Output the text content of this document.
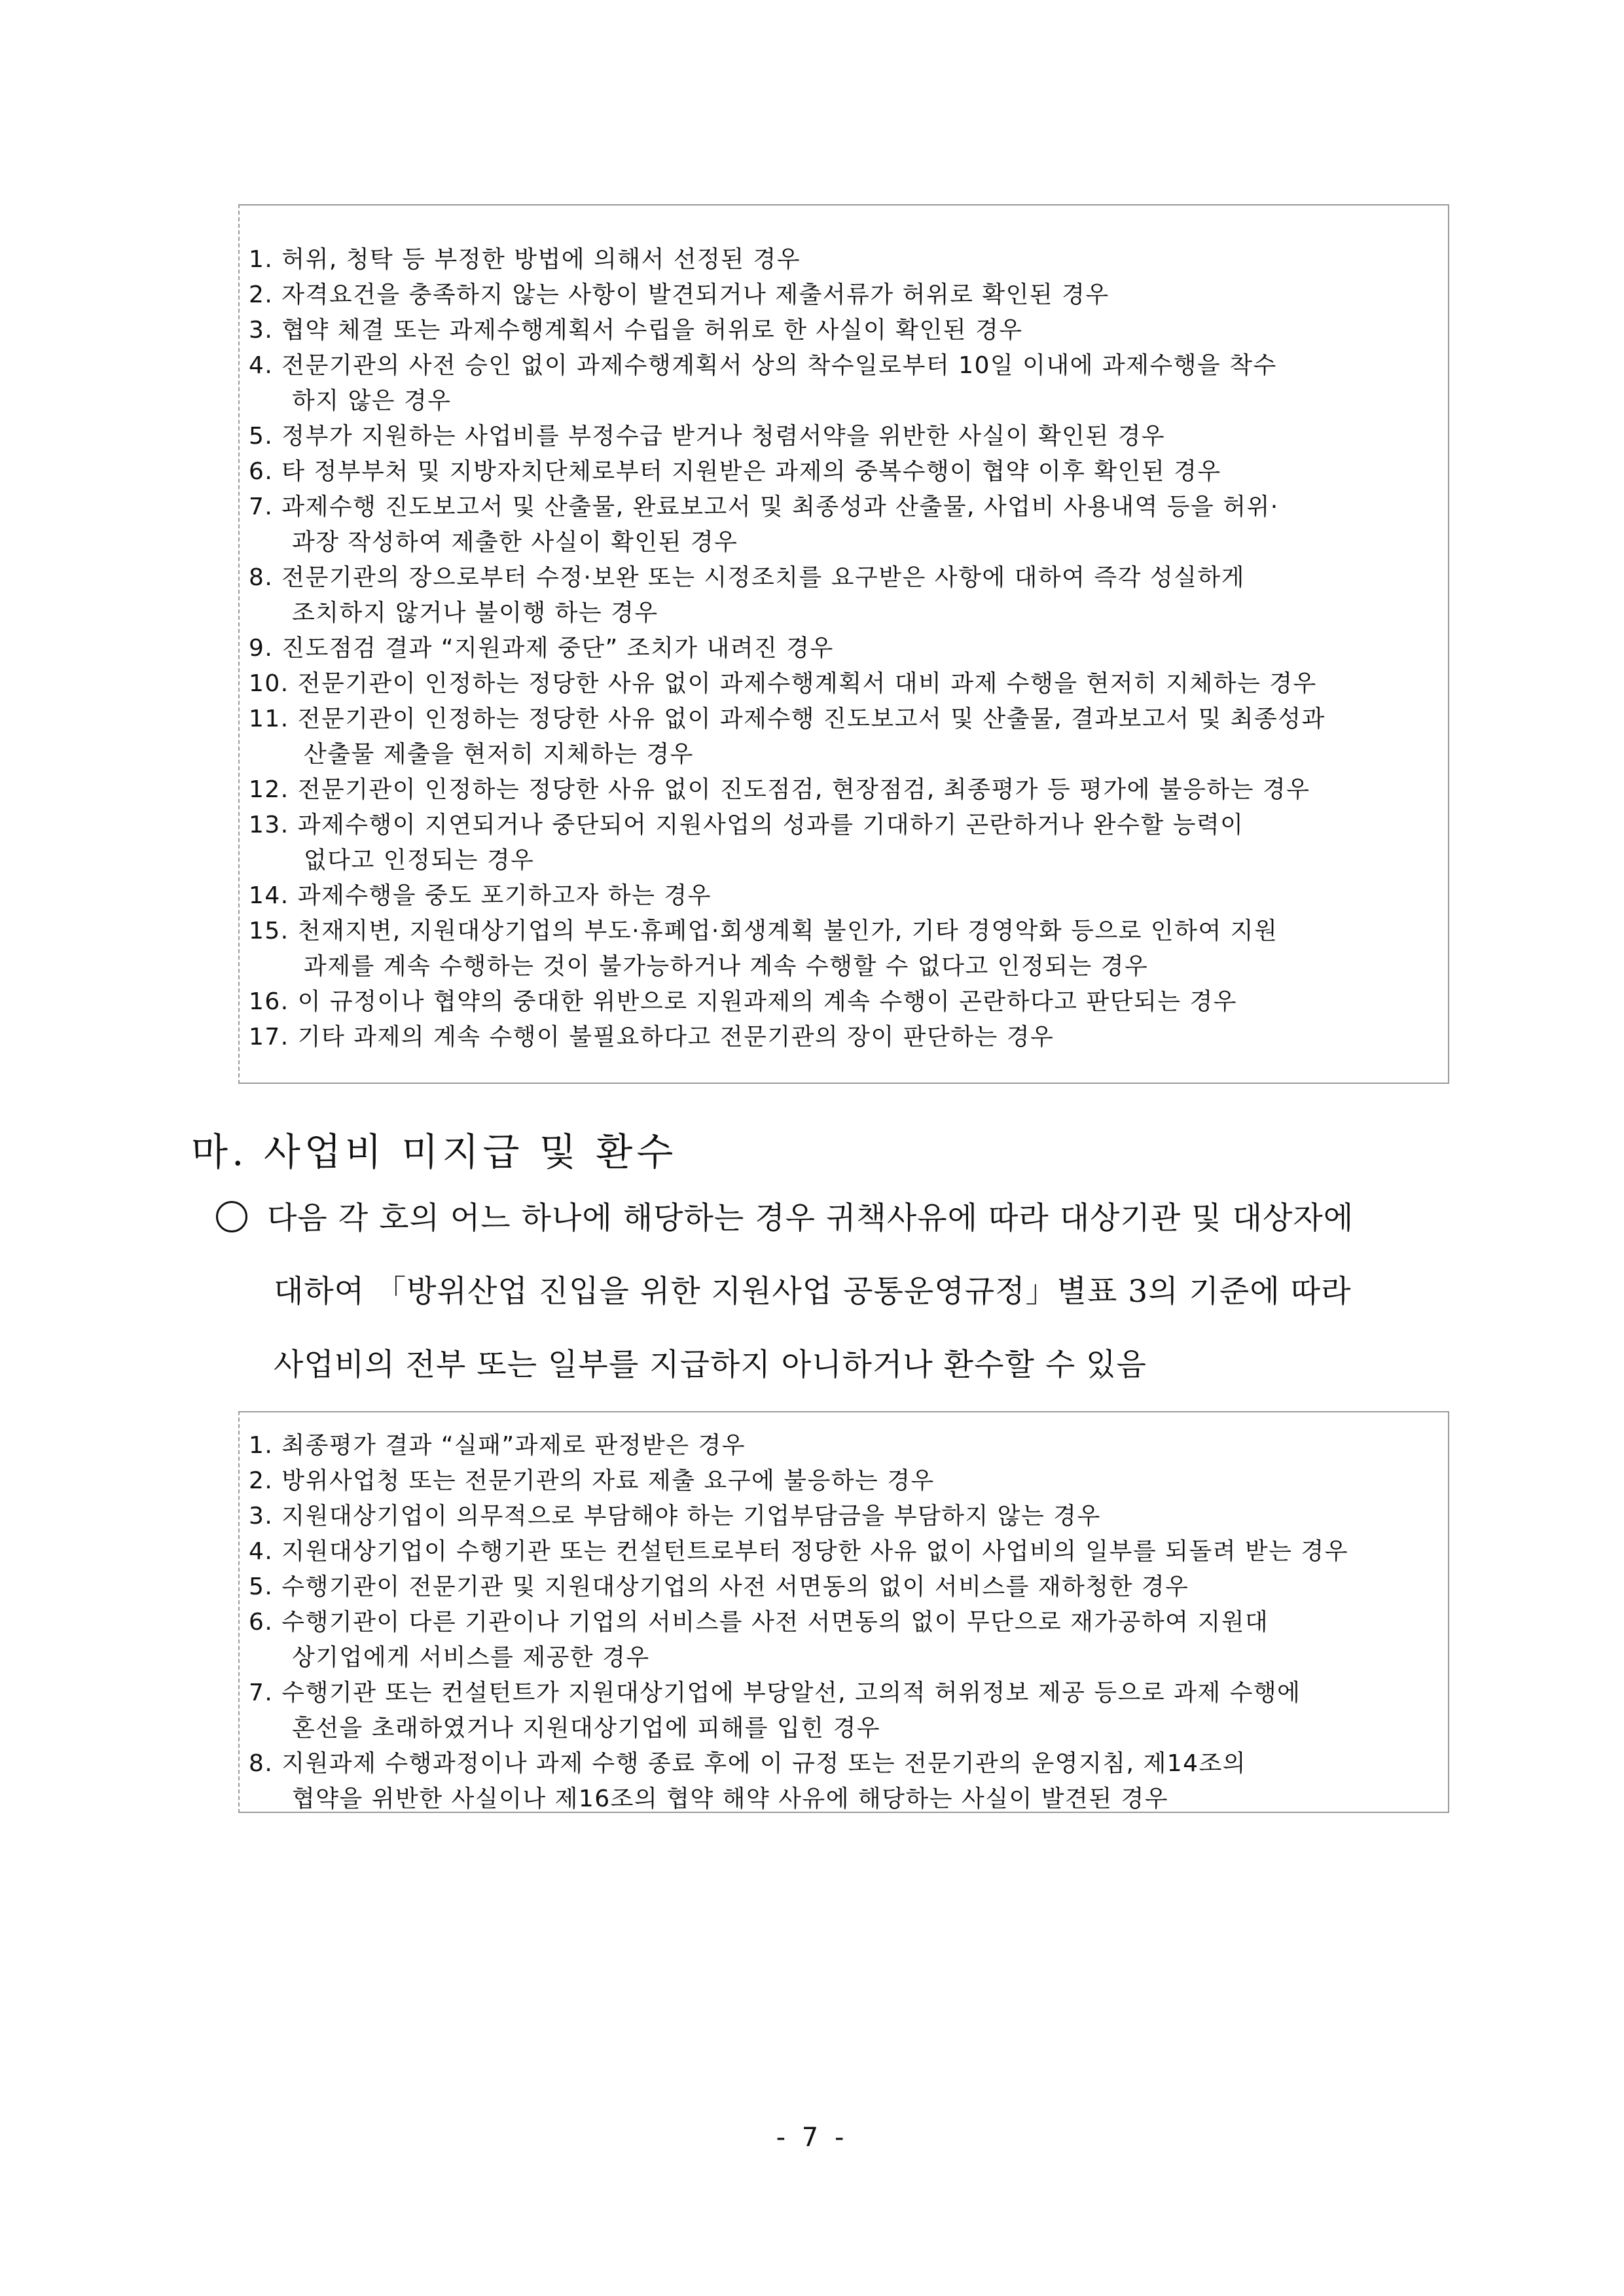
1. 허위, 청탁 등 부정한 방법에 의해서 선정된 경우
2. 자격요건을 충족하지 않는 사항이 발견되거나 제출서류가 허위로 확인된 경우
3. 협약 체결 또는 과제수행계획서 수립을 허위로 한 사실이 확인된 경우
4. 전문기관의 사전 승인 없이 과제수행계획서 상의 착수일로부터 10일 이내에 과제수행을 착수
하지 않은 경우
5. 정부가 지원하는 사업비를 부정수급 받거나 청렴서약을 위반한 사실이 확인된 경우
6. 타 정부부처 및 지방자치단체로부터 지원받은 과제의 중복수행이 협약 이후 확인된 경우
7. 과제수행 진도보고서 및 산출물, 완료보고서 및 최종성과 산출물, 사업비 사용내역 등을 허위·
과장 작성하여 제출한 사실이 확인된 경우
8. 전문기관의 장으로부터 수정·보완 또는 시정조치를 요구받은 사항에 대하여 즉각 성실하게
조치하지 않거나 불이행 하는 경우
9. 진도점검 결과 “지원과제 중단” 조치가 내려진 경우
10. 전문기관이 인정하는 정당한 사유 없이 과제수행계획서 대비 과제 수행을 현저히 지체하는 경우
11. 전문기관이 인정하는 정당한 사유 없이 과제수행 진도보고서 및 산출물, 결과보고서 및 최종성과
산출물 제출을 현저히 지체하는 경우
12. 전문기관이 인정하는 정당한 사유 없이 진도점검, 현장점검, 최종평가 등 평가에 불응하는 경우
13. 과제수행이 지연되거나 중단되어 지원사업의 성과를 기대하기 곤란하거나 완수할 능력이
없다고 인정되는 경우
14. 과제수행을 중도 포기하고자 하는 경우
15. 천재지변, 지원대상기업의 부도·휴폐업·회생계획 불인가, 기타 경영악화 등으로 인하여 지원
과제를 계속 수행하는 것이 불가능하거나 계속 수행할 수 없다고 인정되는 경우
16. 이 규정이나 협약의 중대한 위반으로 지원과제의 계속 수행이 곤란하다고 판단되는 경우
17. 기타 과제의 계속 수행이 불필요하다고 전문기관의 장이 판단하는 경우
마. 사업비 미지급 및 환수
다음 각 호의 어느 하나에 해당하는 경우 귀책사유에 따라 대상기관 및 대상자에
대하여 「방위산업 진입을 위한 지원사업 공통운영규정」별표 3의 기준에 따라
사업비의 전부 또는 일부를 지급하지 아니하거나 환수할 수 있음
1. 최종평가 결과 “실패”과제로 판정받은 경우
2. 방위사업청 또는 전문기관의 자료 제출 요구에 불응하는 경우
3. 지원대상기업이 의무적으로 부담해야 하는 기업부담금을 부담하지 않는 경우
4. 지원대상기업이 수행기관 또는 컨설턴트로부터 정당한 사유 없이 사업비의 일부를 되돌려 받는 경우
5. 수행기관이 전문기관 및 지원대상기업의 사전 서면동의 없이 서비스를 재하청한 경우
6. 수행기관이 다른 기관이나 기업의 서비스를 사전 서면동의 없이 무단으로 재가공하여 지원대
상기업에게 서비스를 제공한 경우
7. 수행기관 또는 컨설턴트가 지원대상기업에 부당알선, 고의적 허위정보 제공 등으로 과제 수행에
혼선을 초래하였거나 지원대상기업에 피해를 입힌 경우
8. 지원과제 수행과정이나 과제 수행 종료 후에 이 규정 또는 전문기관의 운영지침, 제14조의
협약을 위반한 사실이나 제16조의 협약 해약 사유에 해당하는 사실이 발견된 경우
- 7 -
